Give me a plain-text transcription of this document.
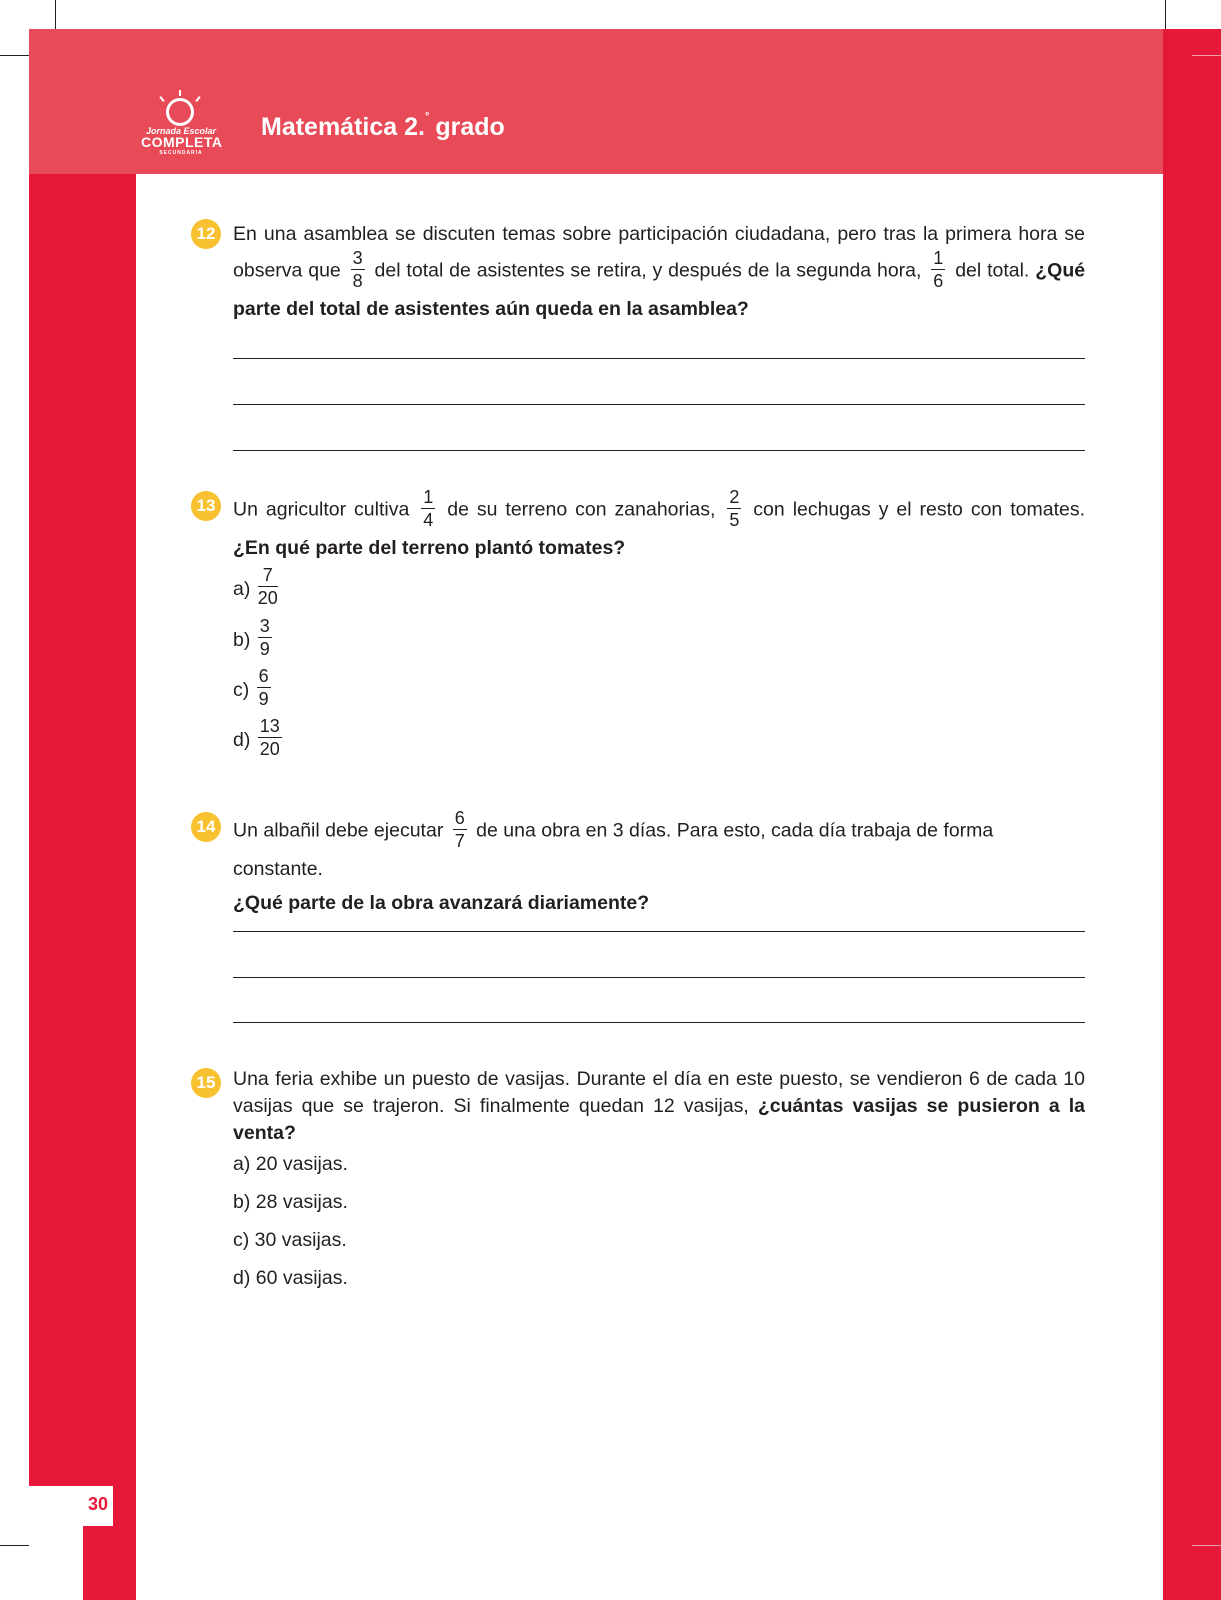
Jornada Escolar
COMPLETA
SECUNDARIA
Matemática 2.° grado
30
12 En una asamblea se discuten temas sobre participación ciudadana, pero tras la primera hora se observa que $\frac{3}{8}$ del total de asistentes se retira, y después de la segunda hora, $\frac{1}{6}$ del total. ¿Qué parte del total de asistentes aún queda en la asamblea?
13 Un agricultor cultiva $\frac{1}{4}$ de su terreno con zanahorias, $\frac{2}{5}$ con lechugas y el resto con tomates. ¿En qué parte del terreno plantó tomates?
$a) \frac{7}{20}$
$b) \frac{3}{9}$
$c) \frac{6}{9}$
$d) \frac{13}{20}$
14 Un albañil debe ejecutar $\frac{6}{7}$ de una obra en 3 días. Para esto, cada día trabaja de forma constante.
¿Qué parte de la obra avanzará diariamente?
15 Una feria exhibe un puesto de vasijas. Durante el día en este puesto, se vendieron 6 de cada 10 vasijas que se trajeron. Si finalmente quedan 12 vasijas, ¿cuántas vasijas se pusieron a la venta?
a) 20 vasijas.
b) 28 vasijas.
c) 30 vasijas.
d) 60 vasijas.
